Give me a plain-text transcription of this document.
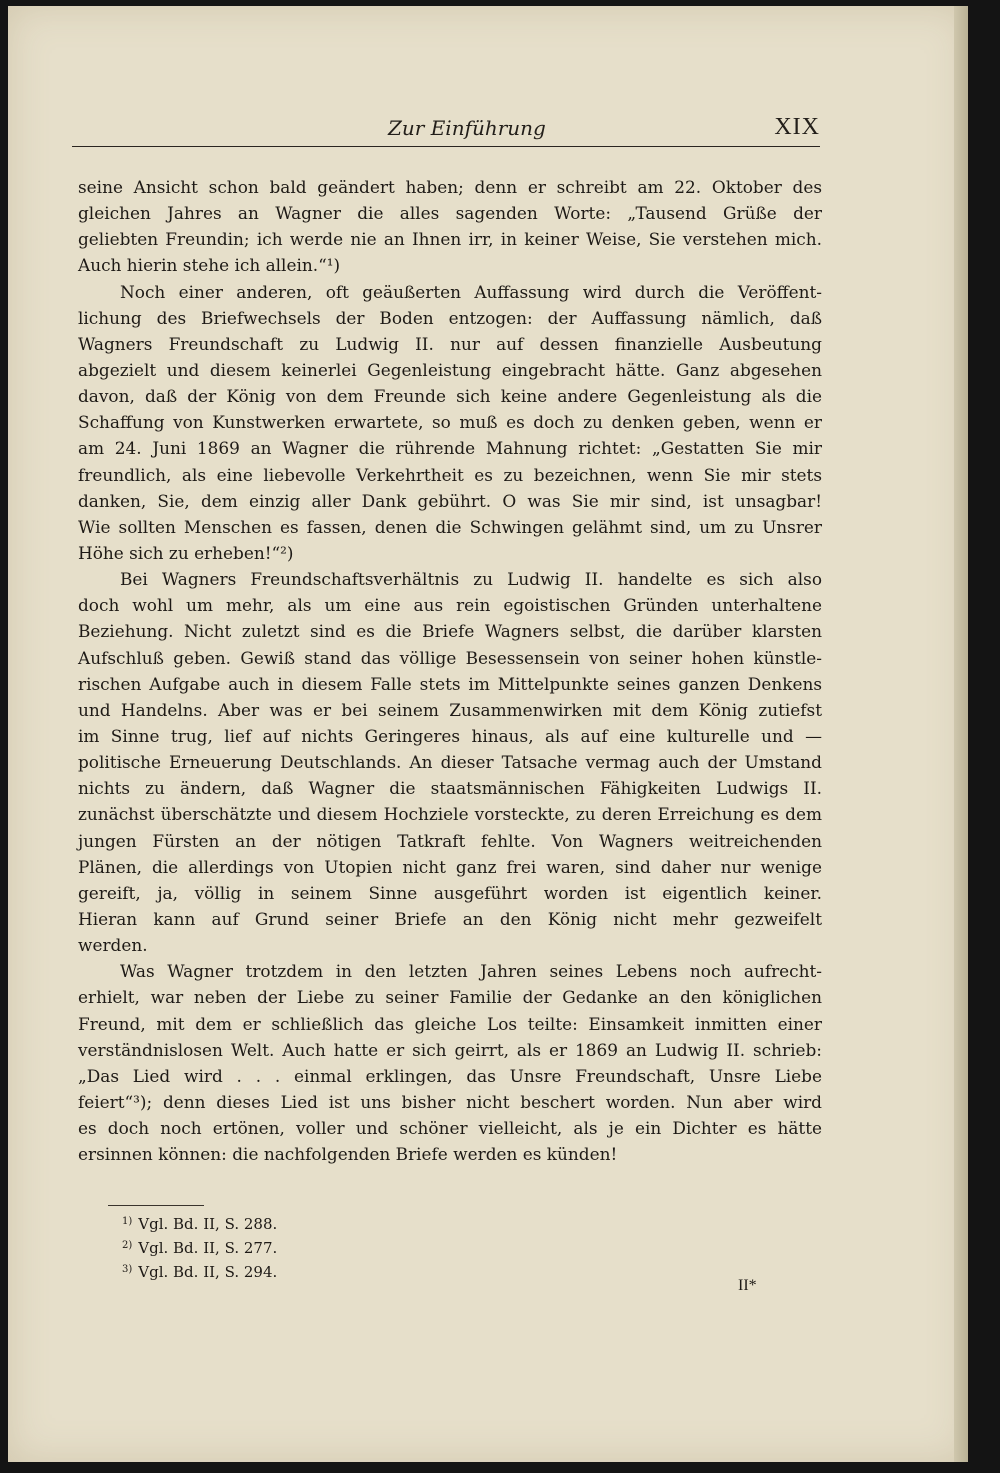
Zur Einführung	XIX
seine Ansicht schon bald geändert haben; denn er schreibt am 22. Oktober des
gleichen Jahres an Wagner die alles sagenden Worte: „Tausend Grüße der
geliebten Freundin; ich werde nie an Ihnen irr, in keiner Weise, Sie verstehen mich.
Auch hierin stehe ich allein.“¹)
Noch einer anderen, oft geäußerten Auffassung wird durch die Veröffent-
lichung des Briefwechsels der Boden entzogen: der Auffassung nämlich, daß
Wagners Freundschaft zu Ludwig II. nur auf dessen finanzielle Ausbeutung
abgezielt und diesem keinerlei Gegenleistung eingebracht hätte. Ganz abgesehen
davon, daß der König von dem Freunde sich keine andere Gegenleistung als die
Schaffung von Kunstwerken erwartete, so muß es doch zu denken geben, wenn er
am 24. Juni 1869 an Wagner die rührende Mahnung richtet: „Gestatten Sie mir
freundlich, als eine liebevolle Verkehrtheit es zu bezeichnen, wenn Sie mir stets
danken, Sie, dem einzig aller Dank gebührt. O was Sie mir sind, ist unsagbar!
Wie sollten Menschen es fassen, denen die Schwingen gelähmt sind, um zu Unsrer
Höhe sich zu erheben!“²)
Bei Wagners Freundschaftsverhältnis zu Ludwig II. handelte es sich also
doch wohl um mehr, als um eine aus rein egoistischen Gründen unterhaltene
Beziehung. Nicht zuletzt sind es die Briefe Wagners selbst, die darüber klarsten
Aufschluß geben. Gewiß stand das völlige Besessensein von seiner hohen künstle-
rischen Aufgabe auch in diesem Falle stets im Mittelpunkte seines ganzen Denkens
und Handelns. Aber was er bei seinem Zusammenwirken mit dem König zutiefst
im Sinne trug, lief auf nichts Geringeres hinaus, als auf eine kulturelle und —
politische Erneuerung Deutschlands. An dieser Tatsache vermag auch der Umstand
nichts zu ändern, daß Wagner die staatsmännischen Fähigkeiten Ludwigs II.
zunächst überschätzte und diesem Hochziele vorsteckte, zu deren Erreichung es dem
jungen Fürsten an der nötigen Tatkraft fehlte. Von Wagners weitreichenden
Plänen, die allerdings von Utopien nicht ganz frei waren, sind daher nur wenige
gereift, ja, völlig in seinem Sinne ausgeführt worden ist eigentlich keiner.
Hieran kann auf Grund seiner Briefe an den König nicht mehr gezweifelt
werden.
Was Wagner trotzdem in den letzten Jahren seines Lebens noch aufrecht-
erhielt, war neben der Liebe zu seiner Familie der Gedanke an den königlichen
Freund, mit dem er schließlich das gleiche Los teilte: Einsamkeit inmitten einer
verständnislosen Welt. Auch hatte er sich geirrt, als er 1869 an Ludwig II. schrieb:
„Das Lied wird . . . einmal erklingen, das Unsre Freundschaft, Unsre Liebe
feiert“³); denn dieses Lied ist uns bisher nicht beschert worden. Nun aber wird
es doch noch ertönen, voller und schöner vielleicht, als je ein Dichter es hätte
ersinnen können: die nachfolgenden Briefe werden es künden!
$^{1)}$ Vgl. Bd. II, S. 288.
$^{2)}$ Vgl. Bd. II, S. 277.
$^{3)}$ Vgl. Bd. II, S. 294.
II*
